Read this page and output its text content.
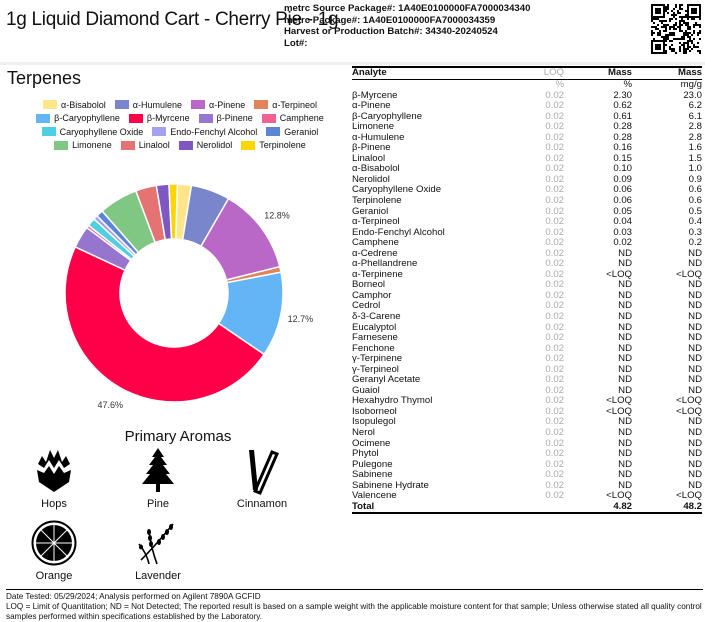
1g Liquid Diamond Cart - Cherry Pie - 1g
metrc Source Package#: 1A40E0100000FA7000034340
metrc Package#: 1A40E0100000FA7000034359
Harvest or Production Batch#: 34340-20240524
Lot#:
Terpenes
α-Bisabolol	α-Humulene	α-Pinene	α-Terpineol
β-Caryophyllene	β-Myrcene	β-Pinene	Camphene
Caryophyllene Oxide	Endo-Fenchyl Alcohol	Geraniol
Limonene	Linalool	Nerolidol	Terpinolene
12.8%
12.7%
47.6%
Primary Aromas
Hops	Pine	Cinnamon
Orange	Lavender
Analyte	LOQ	Mass	Mass
	%	%	mg/g
β-Myrcene	0.02	2.30	23.0
α-Pinene	0.02	0.62	6.2
β-Caryophyllene	0.02	0.61	6.1
Limonene	0.02	0.28	2.8
α-Humulene	0.02	0.28	2.8
β-Pinene	0.02	0.16	1.6
Linalool	0.02	0.15	1.5
α-Bisabolol	0.02	0.10	1.0
Nerolidol	0.02	0.09	0.9
Caryophyllene Oxide	0.02	0.06	0.6
Terpinolene	0.02	0.06	0.6
Geraniol	0.02	0.05	0.5
α-Terpineol	0.02	0.04	0.4
Endo-Fenchyl Alcohol	0.02	0.03	0.3
Camphene	0.02	0.02	0.2
α-Cedrene	0.02	ND	ND
α-Phellandrene	0.02	ND	ND
α-Terpinene	0.02	<LOQ	<LOQ
Borneol	0.02	ND	ND
Camphor	0.02	ND	ND
Cedrol	0.02	ND	ND
δ-3-Carene	0.02	ND	ND
Eucalyptol	0.02	ND	ND
Farnesene	0.02	ND	ND
Fenchone	0.02	ND	ND
γ-Terpinene	0.02	ND	ND
γ-Terpineol	0.02	ND	ND
Geranyl Acetate	0.02	ND	ND
Guaiol	0.02	ND	ND
Hexahydro Thymol	0.02	<LOQ	<LOQ
Isoborneol	0.02	<LOQ	<LOQ
Isopulegol	0.02	ND	ND
Nerol	0.02	ND	ND
Ocimene	0.02	ND	ND
Phytol	0.02	ND	ND
Pulegone	0.02	ND	ND
Sabinene	0.02	ND	ND
Sabinene Hydrate	0.02	ND	ND
Valencene	0.02	<LOQ	<LOQ
Total		4.82	48.2
Date Tested: 05/29/2024; Analysis performed on Agilent 7890A GCFID
LOQ = Limit of Quantitation; ND = Not Detected; The reported result is based on a sample weight with the applicable moisture content for that sample; Unless otherwise stated all quality control samples performed within specifications established by the Laboratory.
